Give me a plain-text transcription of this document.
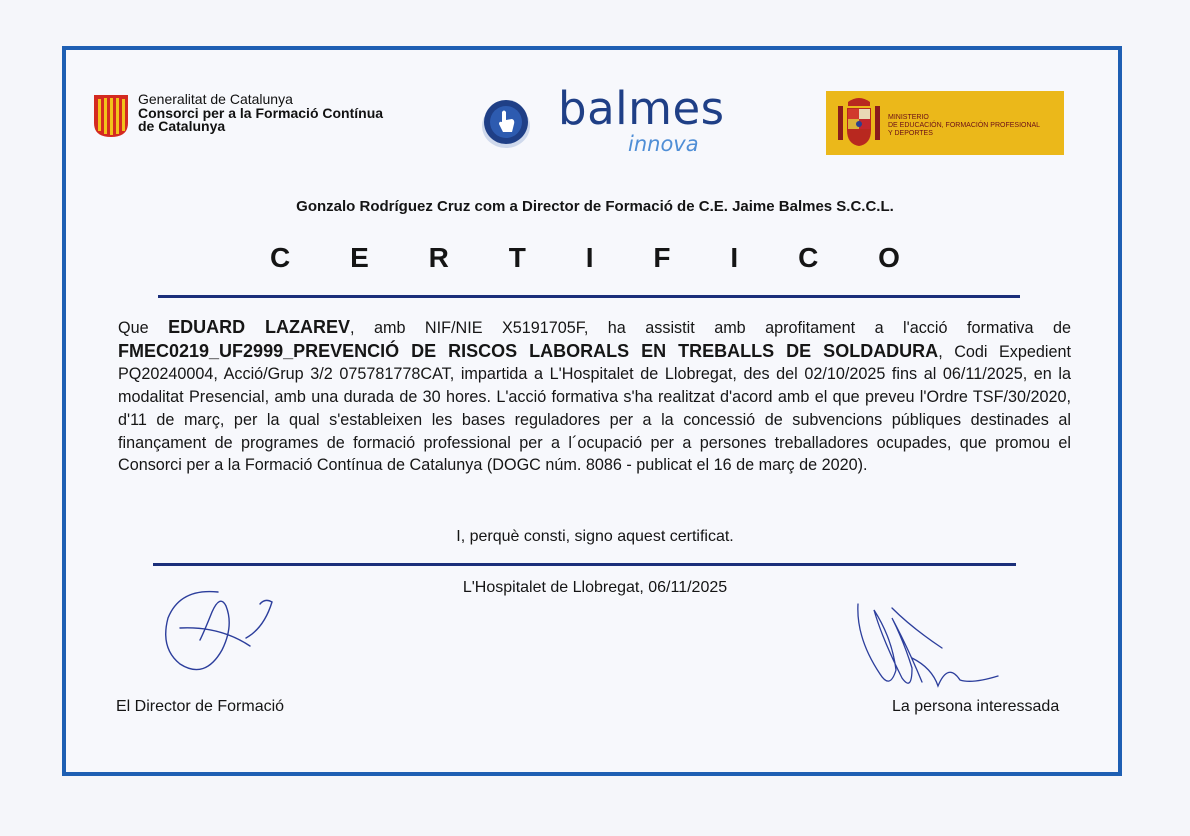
Generalitat de Catalunya
Consorci per a la Formació Contínua
de Catalunya	balmes
innova
MINISTERIO
DE EDUCACIÓN, FORMACIÓN PROFESIONAL
Y DEPORTES
Gonzalo Rodríguez Cruz com a Director de Formació de C.E. Jaime Balmes S.C.C.L.
C E R T I F I C O
Que EDUARD LAZAREV, amb NIF/NIE X5191705F, ha assistit amb aprofitament a l'acció formativa de FMEC0219_UF2999_PREVENCIÓ DE RISCOS LABORALS EN TREBALLS DE SOLDADURA, Codi Expedient PQ20240004, Acció/Grup 3/2 075781778CAT, impartida a L'Hospitalet de Llobregat, des del 02/10/2025 fins al 06/11/2025, en la modalitat Presencial, amb una durada de 30 hores. L'acció formativa s'ha realitzat d'acord amb el que preveu l'Ordre TSF/30/2020, d'11 de març, per la qual s'estableixen les bases reguladores per a la concessió de subvencions públiques destinades al finançament de programes de formació professional per a l´ocupació per a persones treballadores ocupades, que promou el Consorci per a la Formació Contínua de Catalunya (DOGC núm. 8086 - publicat el 16 de març de 2020).
I, perquè consti, signo aquest certificat.
L'Hospitalet de Llobregat, 06/11/2025
El Director de Formació	La persona interessada
